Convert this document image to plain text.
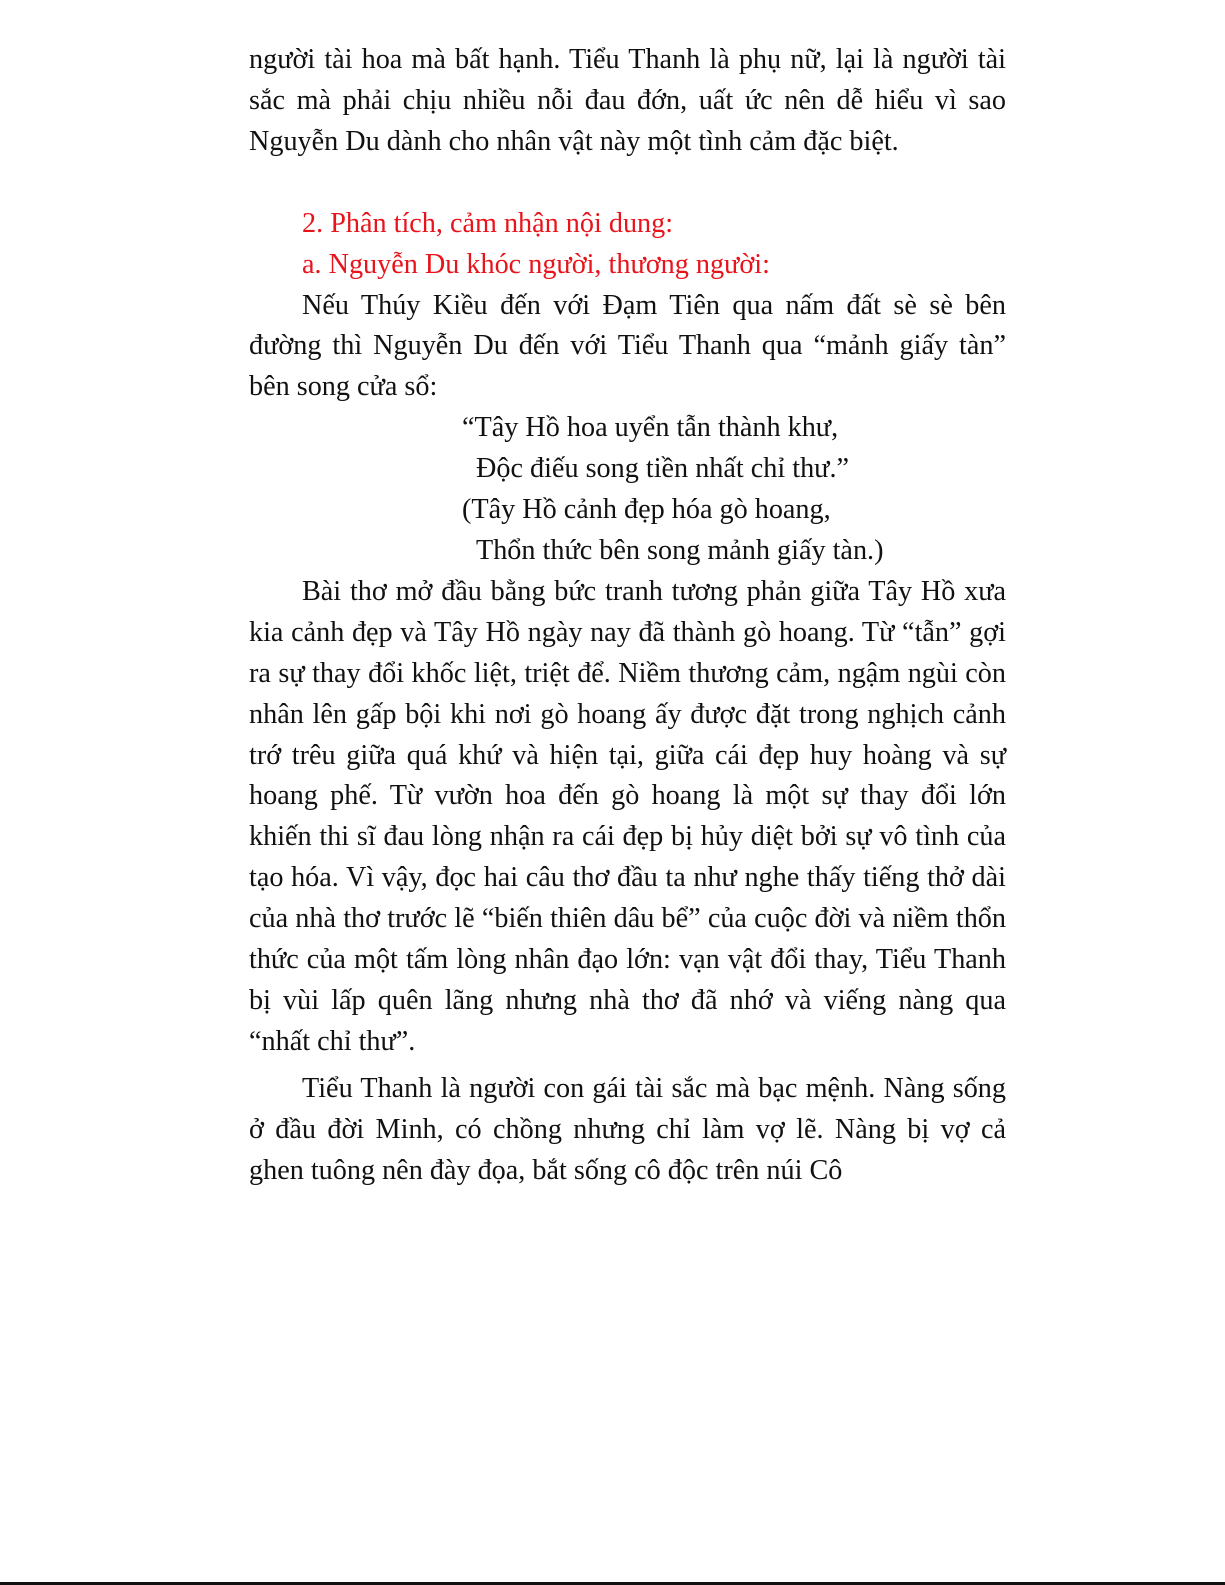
người tài hoa mà bất hạnh. Tiểu Thanh là phụ nữ, lại là người tài sắc mà phải chịu nhiều nỗi đau đớn, uất ức nên dễ hiểu vì sao Nguyễn Du dành cho nhân vật này một tình cảm đặc biệt.

2. Phân tích, cảm nhận nội dung:

a. Nguyễn Du khóc người, thương người:

Nếu Thúy Kiều đến với Đạm Tiên qua nấm đất sè sè bên đường thì Nguyễn Du đến với Tiểu Thanh qua “mảnh giấy tàn” bên song cửa sổ:

“Tây Hồ hoa uyển tẫn thành khư,
Độc điếu song tiền nhất chỉ thư.”
(Tây Hồ cảnh đẹp hóa gò hoang,
Thổn thức bên song mảnh giấy tàn.)

Bài thơ mở đầu bằng bức tranh tương phản giữa Tây Hồ xưa kia cảnh đẹp và Tây Hồ ngày nay đã thành gò hoang. Từ “tẫn” gợi ra sự thay đổi khốc liệt, triệt để. Niềm thương cảm, ngậm ngùi còn nhân lên gấp bội khi nơi gò hoang ấy được đặt trong nghịch cảnh trớ trêu giữa quá khứ và hiện tại, giữa cái đẹp huy hoàng và sự hoang phế. Từ vườn hoa đến gò hoang là một sự thay đổi lớn khiến thi sĩ đau lòng nhận ra cái đẹp bị hủy diệt bởi sự vô tình của tạo hóa. Vì vậy, đọc hai câu thơ đầu ta như nghe thấy tiếng thở dài của nhà thơ trước lẽ “biến thiên dâu bể” của cuộc đời và niềm thổn thức của một tấm lòng nhân đạo lớn: vạn vật đổi thay, Tiểu Thanh bị vùi lấp quên lãng nhưng nhà thơ đã nhớ và viếng nàng qua “nhất chỉ thư”.

Tiểu Thanh là người con gái tài sắc mà bạc mệnh. Nàng sống ở đầu đời Minh, có chồng nhưng chỉ làm vợ lẽ. Nàng bị vợ cả ghen tuông nên đày đọa, bắt sống cô độc trên núi Cô
